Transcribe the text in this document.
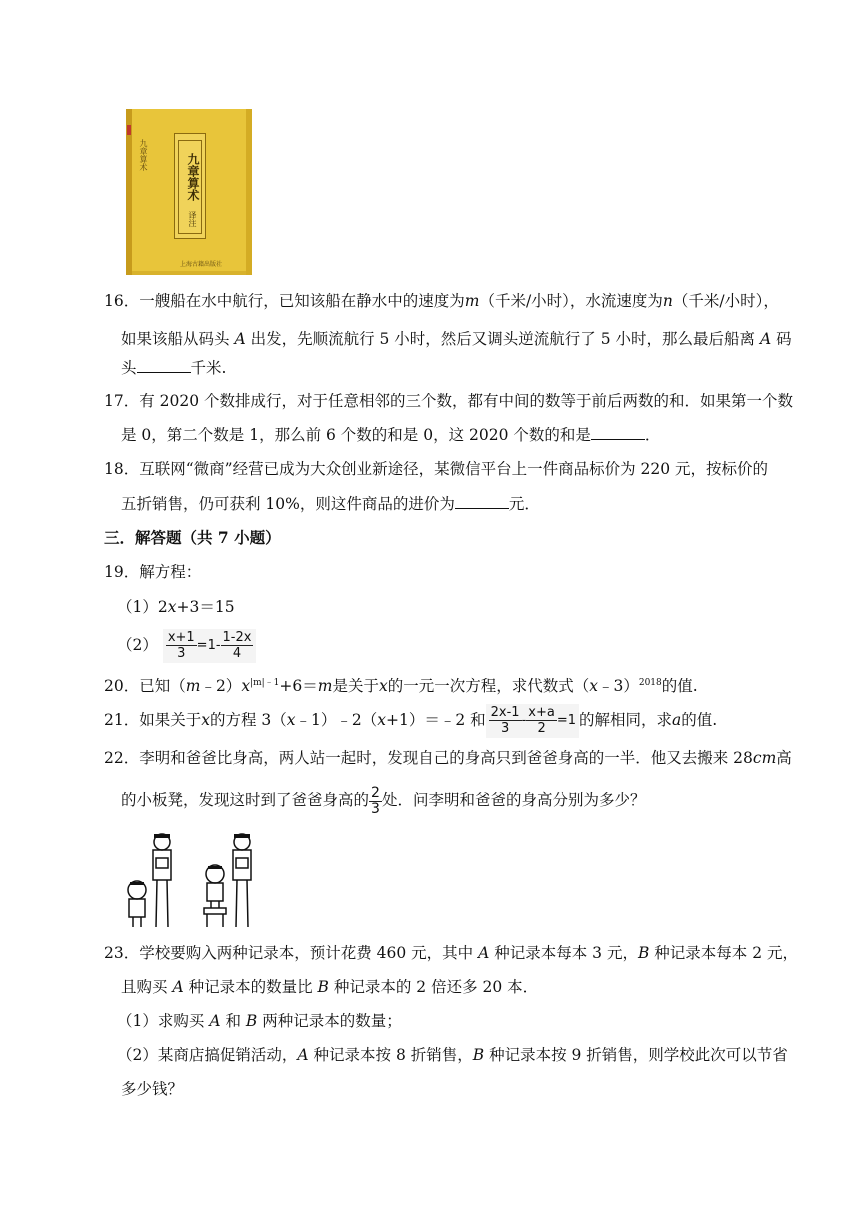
九章算术	九章算术
译注
上海古籍出版社
16．一艘船在水中航行，已知该船在静水中的速度为m（千米/小时），水流速度为n（千米/小时），
如果该船从码头 A 出发，先顺流航行 5 小时，然后又调头逆流航行了 5 小时，那么最后船离 A 码
头	千米.
17．有 2020 个数排成行，对于任意相邻的三个数，都有中间的数等于前后两数的和．如果第一个数
是 0，第二个数是 1，那么前 6 个数的和是 0，这 2020 个数的和是	．
18．互联网“微商”经营已成为大众创业新途径，某微信平台上一件商品标价为 220 元，按标价的
五折销售，仍可获利 10%，则这件商品的进价为	元．
三．解答题（共 7 小题）
19．解方程：
（1）2x+3＝15
$(2) \frac{x+1}{3} =1- \frac{1-2x}{4}$
20．已知$(m﹣2)x^{|m|﹣1}+6=m$是关于x的一元一次方程，求代数式（x﹣3）$^{2018}$的值.
21．如果关于x的方程 3（x﹣1）﹣2（x+1）＝﹣2 和 $\frac{2x-1}{3} - \frac{x+a}{2} =1$ 的解相同，求a的值.
22．李明和爸爸比身高，两人站一起时，发现自己的身高只到爸爸身高的一半．他又去搬来 28cm高
的小板凳，发现这时到了爸爸身高的 $\frac{2}{3}$ 处．问李明和爸爸的身高分别为多少？
23．学校要购入两种记录本，预计花费 460 元，其中 A 种记录本每本 3 元，B 种记录本每本 2 元，
且购买 A 种记录本的数量比 B 种记录本的 2 倍还多 20 本．
（1）求购买 A 和 B 两种记录本的数量；
（2）某商店搞促销活动，A 种记录本按 8 折销售，B 种记录本按 9 折销售，则学校此次可以节省
多少钱？
